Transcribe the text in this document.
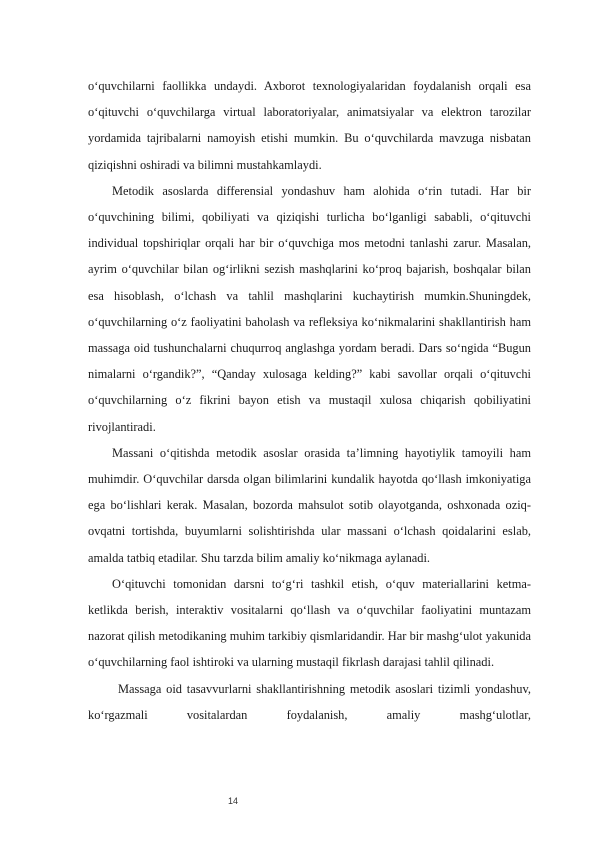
o‘quvchilarni faollikka undaydi. Axborot texnologiyalaridan foydalanish orqali esa o‘qituvchi o‘quvchilarga virtual laboratoriyalar, animatsiyalar va elektron tarozilar yordamida tajribalarni namoyish etishi mumkin. Bu o‘quvchilarda mavzuga nisbatan qiziqishni oshiradi va bilimni mustahkamlaydi.

Metodik asoslarda differensial yondashuv ham alohida o‘rin tutadi. Har bir o‘quvchining bilimi, qobiliyati va qiziqishi turlicha bo‘lganligi sababli, o‘qituvchi individual topshiriqlar orqali har bir o‘quvchiga mos metodni tanlashi zarur. Masalan, ayrim o‘quvchilar bilan og‘irlikni sezish mashqlarini ko‘proq bajarish, boshqalar bilan esa hisoblash, o‘lchash va tahlil mashqlarini kuchaytirish mumkin.Shuningdek, o‘quvchilarning o‘z faoliyatini baholash va refleksiya ko‘nikmalarini shakllantirish ham massaga oid tushunchalarni chuqurroq anglashga yordam beradi. Dars so‘ngida “Bugun nimalarni o‘rgandik?”, “Qanday xulosaga kelding?” kabi savollar orqali o‘qituvchi o‘quvchilarning o‘z fikrini bayon etish va mustaqil xulosa chiqarish qobiliyatini rivojlantiradi.

Massani o‘qitishda metodik asoslar orasida ta’limning hayotiylik tamoyili ham muhimdir. O‘quvchilar darsda olgan bilimlarini kundalik hayotda qo‘llash imkoniyatiga ega bo‘lishlari kerak. Masalan, bozorda mahsulot sotib olayotganda, oshxonada oziq-ovqatni tortishda, buyumlarni solishtirishda ular massani o‘lchash qoidalarini eslab, amalda tatbiq etadilar. Shu tarzda bilim amaliy ko‘nikmaga aylanadi.

O‘qituvchi tomonidan darsni to‘g‘ri tashkil etish, o‘quv materiallarini ketma-ketlikda berish, interaktiv vositalarni qo‘llash va o‘quvchilar faoliyatini muntazam nazorat qilish metodikaning muhim tarkibiy qismlaridandir. Har bir mashg‘ulot yakunida o‘quvchilarning faol ishtiroki va ularning mustaqil fikrlash darajasi tahlil qilinadi.

Massaga oid tasavvurlarni shakllantirishning metodik asoslari tizimli yondashuv, ko‘rgazmali vositalardan foydalanish, amaliy mashg‘ulotlar,

14
